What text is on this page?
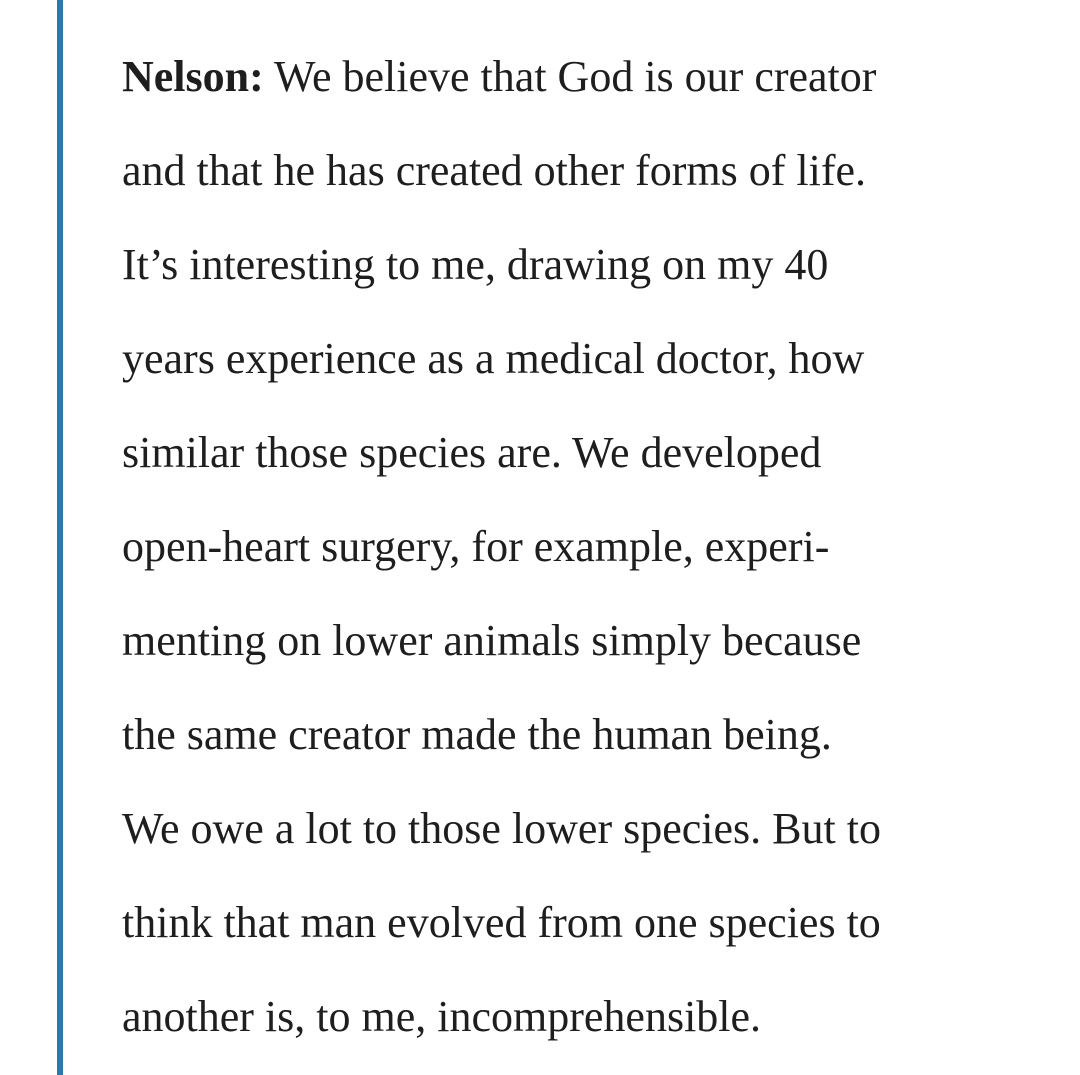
Nelson: We believe that God is our creator
and that he has created other forms of life.
It’s interesting to me, drawing on my 40
years experience as a medical doctor, how
similar those species are. We developed
open-heart surgery, for example, experi-
menting on lower animals simply because
the same creator made the human being.
We owe a lot to those lower species. But to
think that man evolved from one species to
another is, to me, incomprehensible.
